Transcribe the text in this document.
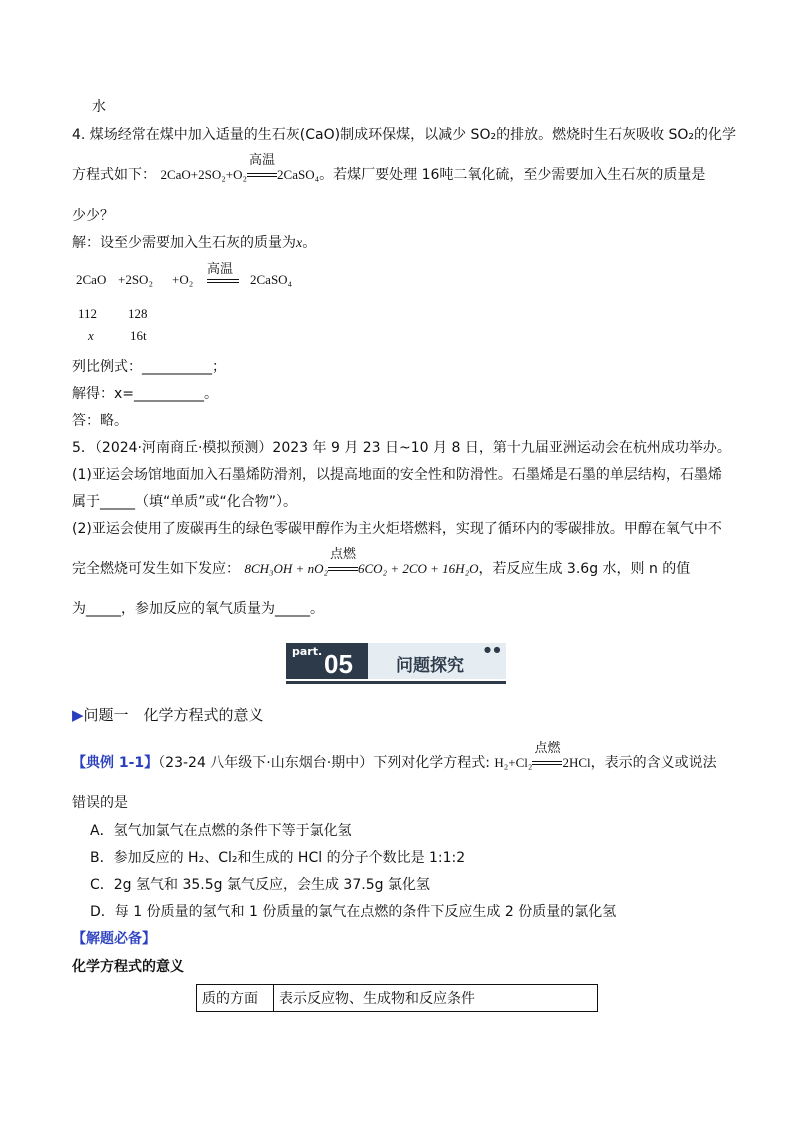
水
4. 煤场经常在煤中加入适量的生石灰(CaO)制成环保煤，以减少 SO₂的排放。燃烧时生石灰吸收 SO₂的化学
方程式如下： 2CaO+2SO₂+O₂
高温
2CaSO₄。若煤厂要处理 16吨二氧化硫，至少需要加入生石灰的质量是
少少？
解：设至少需要加入生石灰的质量为x。
2CaO +2SO₂ +O₂
高温
2CaSO₄
112 128
x	16t
列比例式：__________；
解得：x=__________。
答：略。
5．（2024·河南商丘·模拟预测）2023 年 9 月 23 日~10 月 8 日，第十九届亚洲运动会在杭州成功举办。
(1)亚运会场馆地面加入石墨烯防滑剂，以提高地面的安全性和防滑性。石墨烯是石墨的单层结构，石墨烯
属于_____（填“单质”或“化合物”）。
(2)亚运会使用了废碳再生的绿色零碳甲醇作为主火炬塔燃料，实现了循环内的零碳排放。甲醇在氧气中不
完全燃烧可发生如下发应： 8CH₃OH + nO₂
点燃
6CO₂ + 2CO + 16H₂O，若反应生成 3.6g 水，则 n 的值
为_____，参加反应的氧气质量为_____。
part. 05	问题探究
● ●
▶问题一　化学方程式的意义
【典例 1-1】（23-24 八年级下·山东烟台·期中）下列对化学方程式: H₂+Cl₂
点燃
2HCl，表示的含义或说法
错误的是
A．氢气加氯气在点燃的条件下等于氯化氢
B．参加反应的 H₂、Cl₂和生成的 HCl 的分子个数比是 1:1:2
C．2g 氢气和 35.5g 氯气反应，会生成 37.5g 氯化氢
D．每 1 份质量的氢气和 1 份质量的氯气在点燃的条件下反应生成 2 份质量的氯化氢
【解题必备】
化学方程式的意义
质的方面	表示反应物、生成物和反应条件
